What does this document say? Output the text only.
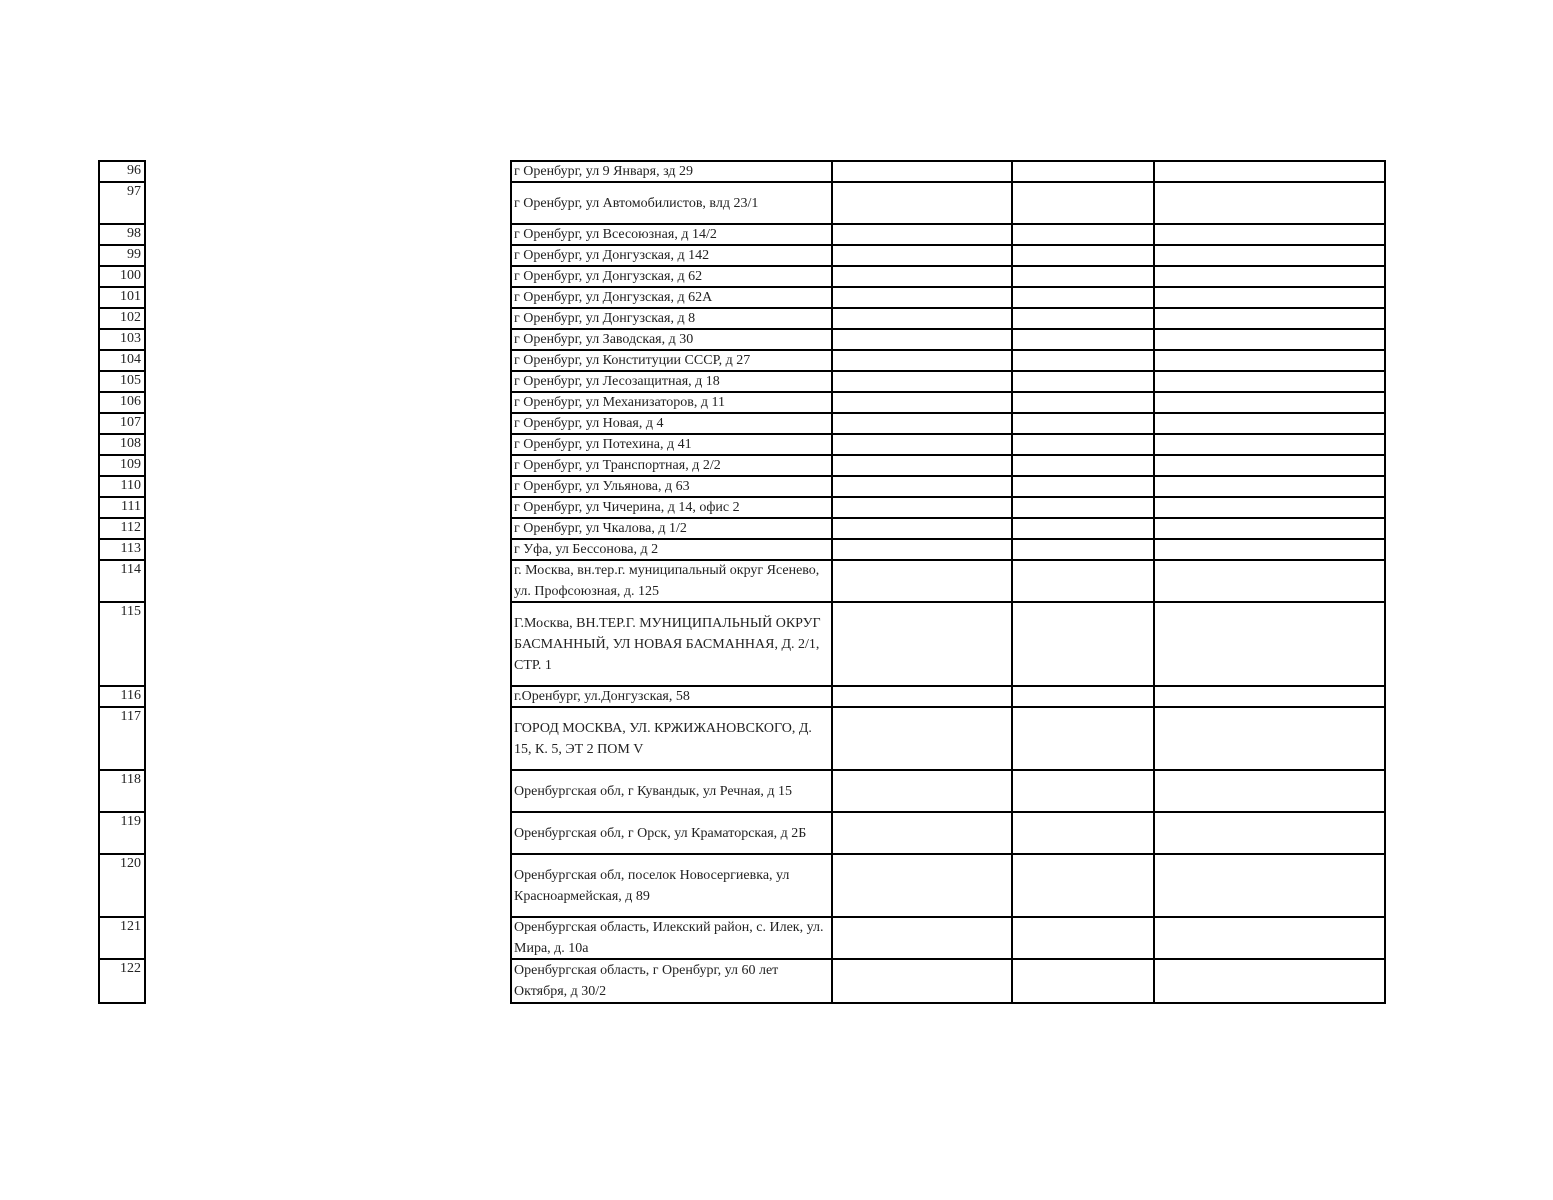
96
97
98
99
100
101
102
103
104
105
106
107
108
109
110
111
112
113
114
115
116
117
118
119
120
121
122
г Оренбург, ул 9 Января, зд 29
г Оренбург, ул Автомобилистов, влд 23/1
г Оренбург, ул Всесоюзная, д 14/2
г Оренбург, ул Донгузская, д 142
г Оренбург, ул Донгузская, д 62
г Оренбург, ул Донгузская, д 62А
г Оренбург, ул Донгузская, д 8
г Оренбург, ул Заводская, д 30
г Оренбург, ул Конституции СССР, д 27
г Оренбург, ул Лесозащитная, д 18
г Оренбург, ул Механизаторов, д 11
г Оренбург, ул Новая, д 4
г Оренбург, ул Потехина, д 41
г Оренбург, ул Транспортная, д 2/2
г Оренбург, ул Ульянова, д 63
г Оренбург, ул Чичерина, д 14, офис 2
г Оренбург, ул Чкалова, д 1/2
г Уфа, ул Бессонова, д 2
г. Москва, вн.тер.г. муниципальный округ Ясенево, ул. Профсоюзная, д. 125
Г.Москва, ВН.ТЕР.Г. МУНИЦИПАЛЬНЫЙ ОКРУГ БАСМАННЫЙ, УЛ НОВАЯ БАСМАННАЯ, Д. 2/1, СТР. 1
г.Оренбург, ул.Донгузская, 58
ГОРОД МОСКВА, УЛ. КРЖИЖАНОВСКОГО, Д. 15, К. 5, ЭТ 2 ПОМ V
Оренбургская обл, г Кувандык, ул Речная, д 15
Оренбургская обл, г Орск, ул Краматорская, д 2Б
Оренбургская обл, поселок Новосергиевка, ул Красноармейская, д 89
Оренбургская область, Илекский район, с. Илек, ул. Мира, д. 10а
Оренбургская область, г Оренбург, ул 60 лет Октября, д 30/2
